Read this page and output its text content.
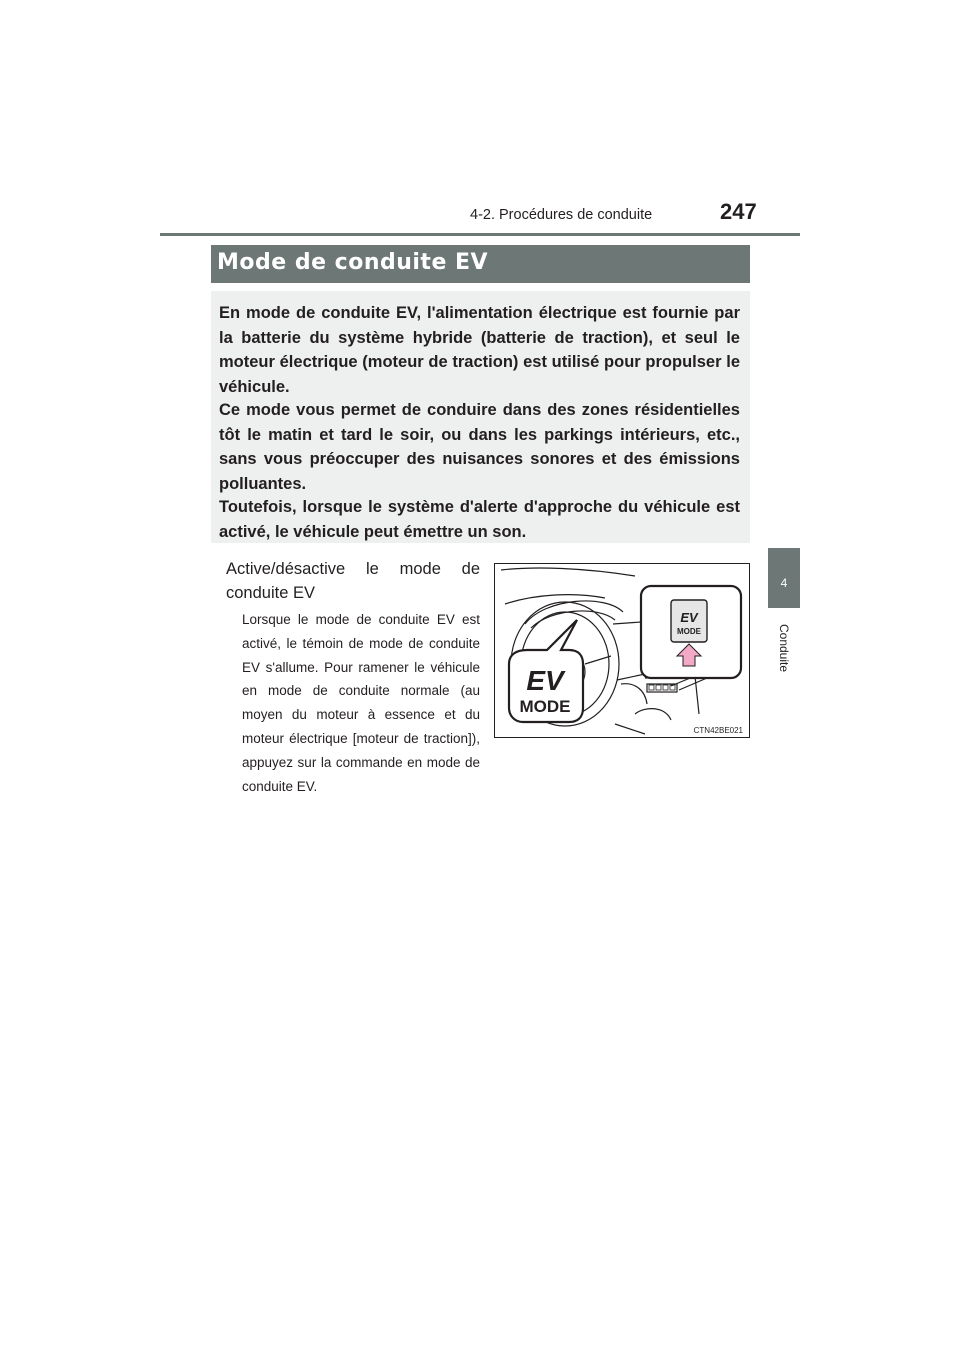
4-2. Procédures de conduite	247
4
Conduite
Mode de conduite EV

En mode de conduite EV, l'alimentation électrique est fournie par la batterie du système hybride (batterie de traction), et seul le moteur électrique (moteur de traction) est utilisé pour propulser le véhicule.

Ce mode vous permet de conduire dans des zones résidentielles tôt le matin et tard le soir, ou dans les parkings intérieurs, etc., sans vous préoccuper des nuisances sonores et des émissions polluantes.

Toutefois, lorsque le système d'alerte d'approche du véhicule est activé, le véhicule peut émettre un son.

Active/désactive le mode de
conduite EV

Lorsque le mode de conduite EV est activé, le témoin de mode de conduite EV s'allume. Pour ramener le véhicule en mode de conduite normale (au moyen du moteur à essence et du moteur électrique [moteur de traction]), appuyez sur la commande en mode de conduite EV.

EV
MODE
EV
MODE
CTN42BE021
